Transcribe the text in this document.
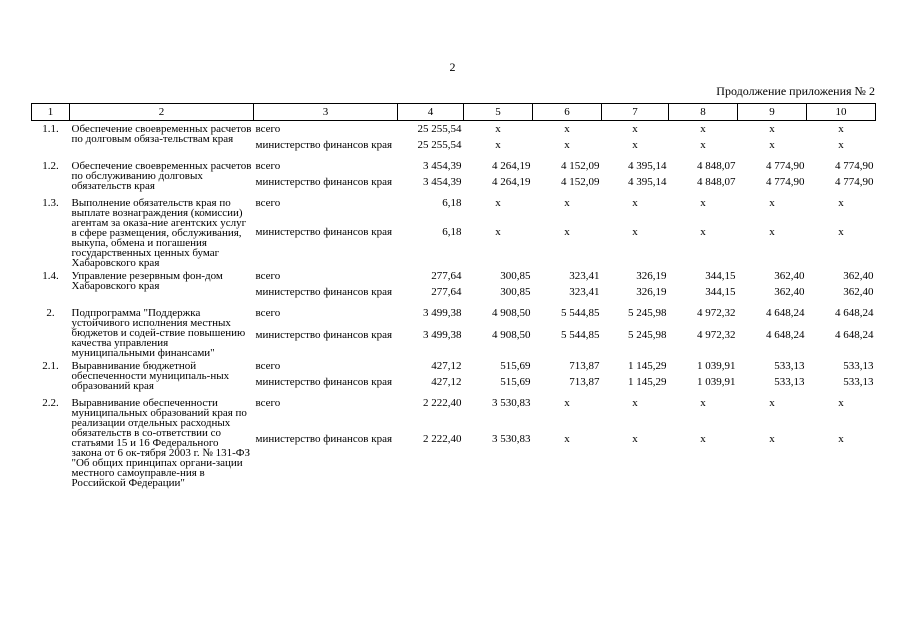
2
Продолжение приложения № 2
1	2	3	4	5	6	7	8	9	10
1.1.	Обеспечение своевременных расчетов по долговым обяза-тельствам края	всего	25 255,54	х	х	х	х	х	х
		министерство финансов края	25 255,54	х	х	х	х	х	х
1.2.	Обеспечение своевременных расчетов по обслуживанию долговых обязательств края	всего	3 454,39	4 264,19	4 152,09	4 395,14	4 848,07	4 774,90	4 774,90
		министерство финансов края	3 454,39	4 264,19	4 152,09	4 395,14	4 848,07	4 774,90	4 774,90
1.3.	Выполнение обязательств края по выплате вознаграждения (комиссии) агентам за оказа-ние агентских услуг в сфере размещения, обслуживания, выкупа, обмена и погашения государственных ценных бумаг Хабаровского края	всего	6,18	х	х	х	х	х	х
		министерство финансов края	6,18	х	х	х	х	х	х
1.4.	Управление резервным фон-дом Хабаровского края	всего	277,64	300,85	323,41	326,19	344,15	362,40	362,40
		министерство финансов края	277,64	300,85	323,41	326,19	344,15	362,40	362,40
2.	Подпрограмма "Поддержка устойчивого исполнения местных бюджетов и содей-ствие повышению качества управления муниципальными финансами"	всего	3 499,38	4 908,50	5 544,85	5 245,98	4 972,32	4 648,24	4 648,24
		министерство финансов края	3 499,38	4 908,50	5 544,85	5 245,98	4 972,32	4 648,24	4 648,24
2.1.	Выравнивание бюджетной обеспеченности муниципаль-ных образований края	всего	427,12	515,69	713,87	1 145,29	1 039,91	533,13	533,13
		министерство финансов края	427,12	515,69	713,87	1 145,29	1 039,91	533,13	533,13
2.2.	Выравнивание обеспеченности муниципальных образований края по реализации отдельных расходных обязательств в со-ответствии со статьями 15 и 16 Федерального закона от 6 ок-тября 2003 г. № 131-ФЗ "Об общих принципах органи-зации местного самоуправле-ния в Российской Федерации"	всего	2 222,40	3 530,83	х	х	х	х	х
		министерство финансов края	2 222,40	3 530,83	х	х	х	х	х
